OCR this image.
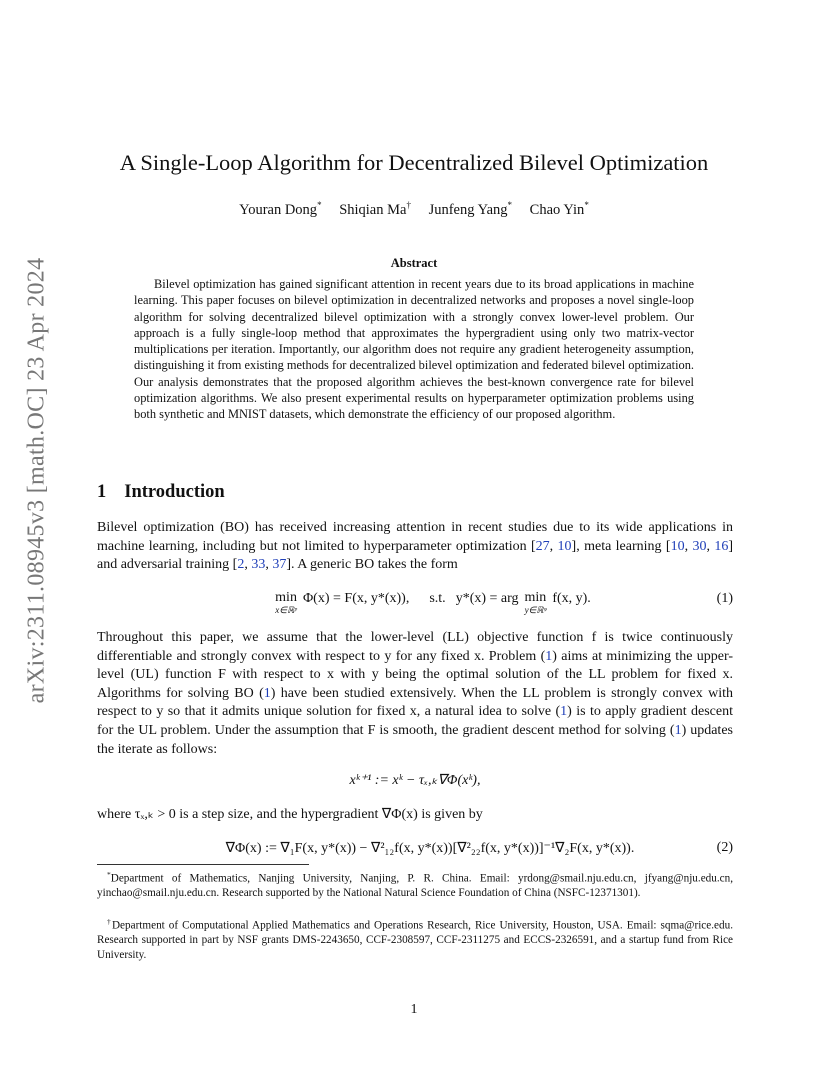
arXiv:2311.08945v3 [math.OC] 23 Apr 2024
A Single-Loop Algorithm for Decentralized Bilevel Optimization
Youran Dong* Shiqian Ma† Junfeng Yang* Chao Yin*
Abstract

Bilevel optimization has gained significant attention in recent years due to its broad applications in machine learning. This paper focuses on bilevel optimization in decentralized networks and proposes a novel single-loop algorithm for solving decentralized bilevel optimization with a strongly convex lower-level problem. Our approach is a fully single-loop method that approximates the hypergradient using only two matrix-vector multiplications per iteration. Importantly, our algorithm does not require any gradient heterogeneity assumption, distinguishing it from existing methods for decentralized bilevel optimization and federated bilevel optimization. Our analysis demonstrates that the proposed algorithm achieves the best-known convergence rate for bilevel optimization algorithms. We also present experimental results on hyperparameter optimization problems using both synthetic and MNIST datasets, which demonstrate the efficiency of our proposed algorithm.

1 Introduction

Bilevel optimization (BO) has received increasing attention in recent studies due to its wide applications in machine learning, including but not limited to hyperparameter optimization [27, 10], meta learning [10, 30, 16] and adversarial training [2, 33, 37]. A generic BO takes the form

min
x∈ℝᵖ
Φ(x) = F(x, y*(x)), s.t. y*(x) = arg min
y∈ℝᵠ
f(x, y).	(1)

Throughout this paper, we assume that the lower-level (LL) objective function f is twice continuously differentiable and strongly convex with respect to y for any fixed x. Problem (1) aims at minimizing the upper-level (UL) function F with respect to x with y being the optimal solution of the LL problem for fixed x. Algorithms for solving BO (1) have been studied extensively. When the LL problem is strongly convex with respect to y so that it admits unique solution for fixed x, a natural idea to solve (1) is to apply gradient descent for the UL problem. Under the assumption that F is smooth, the gradient descent method for solving (1) updates the iterate as follows:

xᵏ⁺¹ := xᵏ − τₓ,ₖ∇Φ(xᵏ),

where τₓ,ₖ > 0 is a step size, and the hypergradient ∇Φ(x) is given by

∇Φ(x) := ∇₁F(x, y*(x)) − ∇²₁₂f(x, y*(x))[∇²₂₂f(x, y*(x))]⁻¹∇₂F(x, y*(x)).	(2)

*Department of Mathematics, Nanjing University, Nanjing, P. R. China. Email: yrdong@smail.nju.edu.cn, jfyang@nju.edu.cn, yinchao@smail.nju.edu.cn. Research supported by the National Natural Science Foundation of China (NSFC-12371301).

†Department of Computational Applied Mathematics and Operations Research, Rice University, Houston, USA. Email: sqma@rice.edu. Research supported in part by NSF grants DMS-2243650, CCF-2308597, CCF-2311275 and ECCS-2326591, and a startup fund from Rice University.

1
